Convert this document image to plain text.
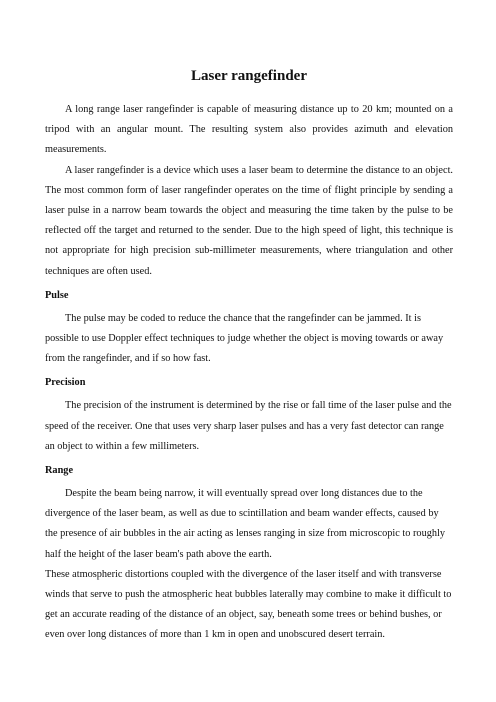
Laser rangefinder

A long range laser rangefinder is capable of measuring distance up to 20 km; mounted on a tripod with an angular mount. The resulting system also provides azimuth and elevation measurements.

A laser rangefinder is a device which uses a laser beam to determine the distance to an object. The most common form of laser rangefinder operates on the time of flight principle by sending a laser pulse in a narrow beam towards the object and measuring the time taken by the pulse to be reflected off the target and returned to the sender. Due to the high speed of light, this technique is not appropriate for high precision sub-millimeter measurements, where triangulation and other techniques are often used.

Pulse

The pulse may be coded to reduce the chance that the rangefinder can be jammed. It is possible to use Doppler effect techniques to judge whether the object is moving towards or away from the rangefinder, and if so how fast.

Precision

The precision of the instrument is determined by the rise or fall time of the laser pulse and the speed of the receiver. One that uses very sharp laser pulses and has a very fast detector can range an object to within a few millimeters.

Range

Despite the beam being narrow, it will eventually spread over long distances due to the divergence of the laser beam, as well as due to scintillation and beam wander effects, caused by the presence of air bubbles in the air acting as lenses ranging in size from microscopic to roughly half the height of the laser beam's path above the earth.

These atmospheric distortions coupled with the divergence of the laser itself and with transverse winds that serve to push the atmospheric heat bubbles laterally may combine to make it difficult to get an accurate reading of the distance of an object, say, beneath some trees or behind bushes, or even over long distances of more than 1 km in open and unobscured desert terrain.
